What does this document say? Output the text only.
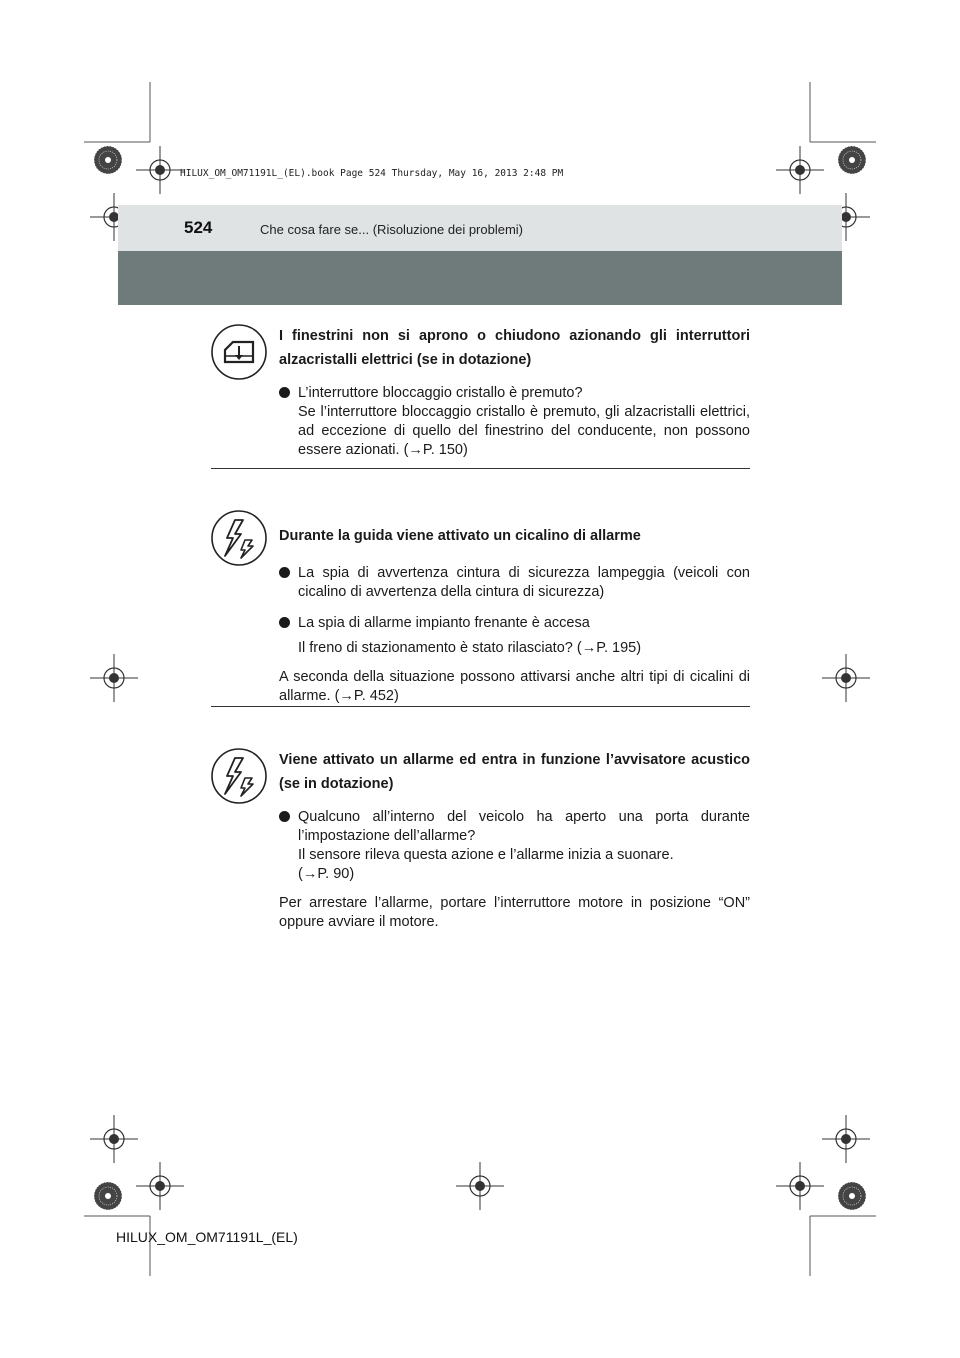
HILUX_OM_OM71191L_(EL).book Page 524 Thursday, May 16, 2013 2:48 PM
524	Che cosa fare se... (Risoluzione dei problemi)
I finestrini non si aprono o chiudono azionando gli interruttori alzacristalli elettrici (se in dotazione)
L’interruttore bloccaggio cristallo è premuto?
Se l’interruttore bloccaggio cristallo è premuto, gli alzacristalli elettrici, ad eccezione di quello del finestrino del conducente, non possono essere azionati. (→P. 150)
Durante la guida viene attivato un cicalino di allarme
La spia di avvertenza cintura di sicurezza lampeggia (veicoli con cicalino di avvertenza della cintura di sicurezza)
La spia di allarme impianto frenante è accesa
Il freno di stazionamento è stato rilasciato? (→P. 195)
A seconda della situazione possono attivarsi anche altri tipi di cicalini di allarme. (→P. 452)
Viene attivato un allarme ed entra in funzione l’avvisatore acustico (se in dotazione)
Qualcuno all’interno del veicolo ha aperto una porta durante l’impostazione dell’allarme?
Il sensore rileva questa azione e l’allarme inizia a suonare.
(→P. 90)
Per arrestare l’allarme, portare l’interruttore motore in posizione “ON” oppure avviare il motore.
HILUX_OM_OM71191L_(EL)
